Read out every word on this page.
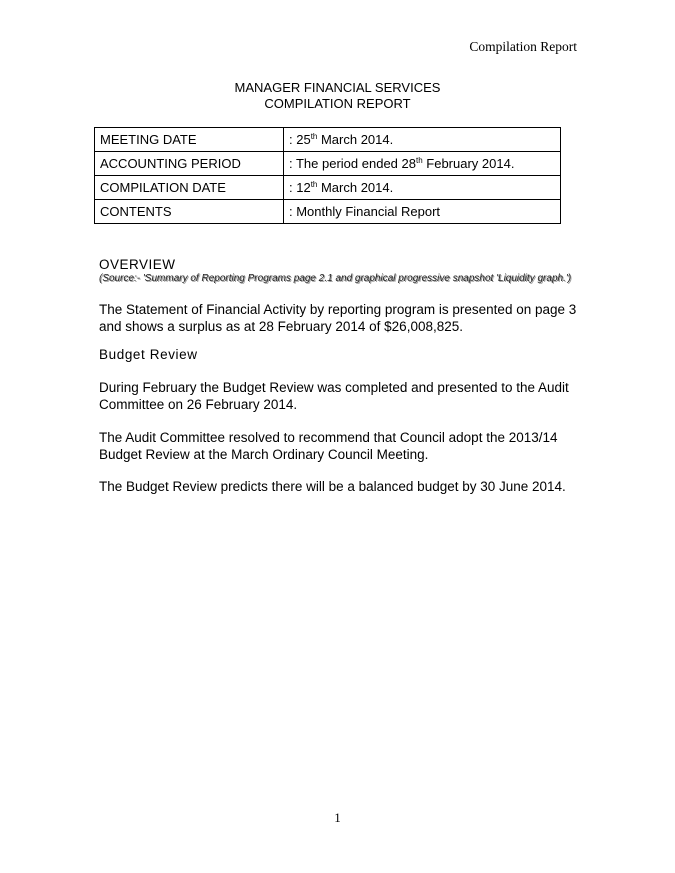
Compilation Report
MANAGER FINANCIAL SERVICES
COMPILATION REPORT
MEETING DATE	: 25th March 2014.
ACCOUNTING PERIOD	: The period ended 28th February 2014.
COMPILATION DATE	: 12th March 2014.
CONTENTS	: Monthly Financial Report
OVERVIEW
(Source:- 'Summary of Reporting Programs page 2.1 and graphical progressive snapshot 'Liquidity graph.')
The Statement of Financial Activity by reporting program is presented on page 3 and shows a surplus as at 28 February 2014 of $26,008,825.
Budget Review
During February the Budget Review was completed and presented to the Audit Committee on 26 February 2014.
The Audit Committee resolved to recommend that Council adopt the 2013/14 Budget Review at the March Ordinary Council Meeting.
The Budget Review predicts there will be a balanced budget by 30 June 2014.
1
